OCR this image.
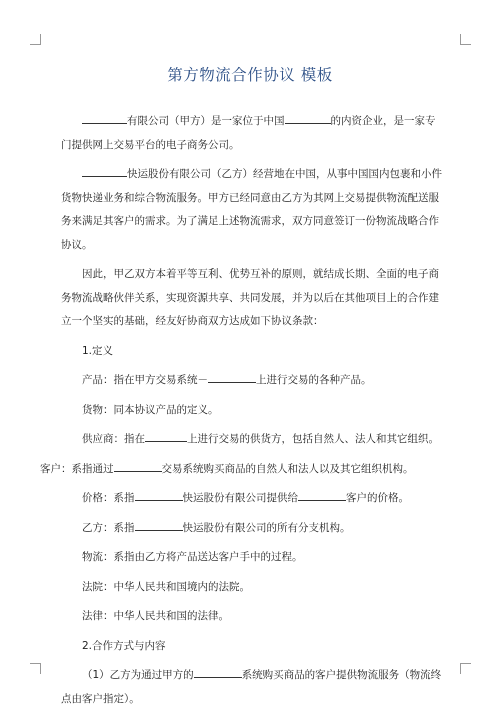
第方物流合作协议 模板
有限公司（甲方）是一家位于中国	的内资企业，是一家专门提供网上交易平台的电子商务公司。
快运股份有限公司（乙方）经营地在中国，从事中国国内包裹和小件货物快递业务和综合物流服务。甲方已经同意由乙方为其网上交易提供物流配送服务来满足其客户的需求。为了满足上述物流需求，双方同意签订一份物流战略合作协议。
因此，甲乙双方本着平等互利、优势互补的原则，就结成长期、全面的电子商务物流战略伙伴关系，实现资源共享、共同发展，并为以后在其他项目上的合作建立一个坚实的基础，经友好协商双方达成如下协议条款：
1.定义
产品：指在甲方交易系统－	上进行交易的各种产品。
货物：同本协议产品的定义。
供应商：指在	上进行交易的供货方，包括自然人、法人和其它组织。
客户：系指通过	交易系统购买商品的自然人和法人以及其它组织机构。
价格：系指	快运股份有限公司提供给	客户的价格。
乙方：系指	快运股份有限公司的所有分支机构。
物流：系指由乙方将产品送达客户手中的过程。
法院：中华人民共和国境内的法院。
法律：中华人民共和国的法律。
2.合作方式与内容
（1）乙方为通过甲方的	系统购买商品的客户提供物流服务（物流终点由客户指定）。
